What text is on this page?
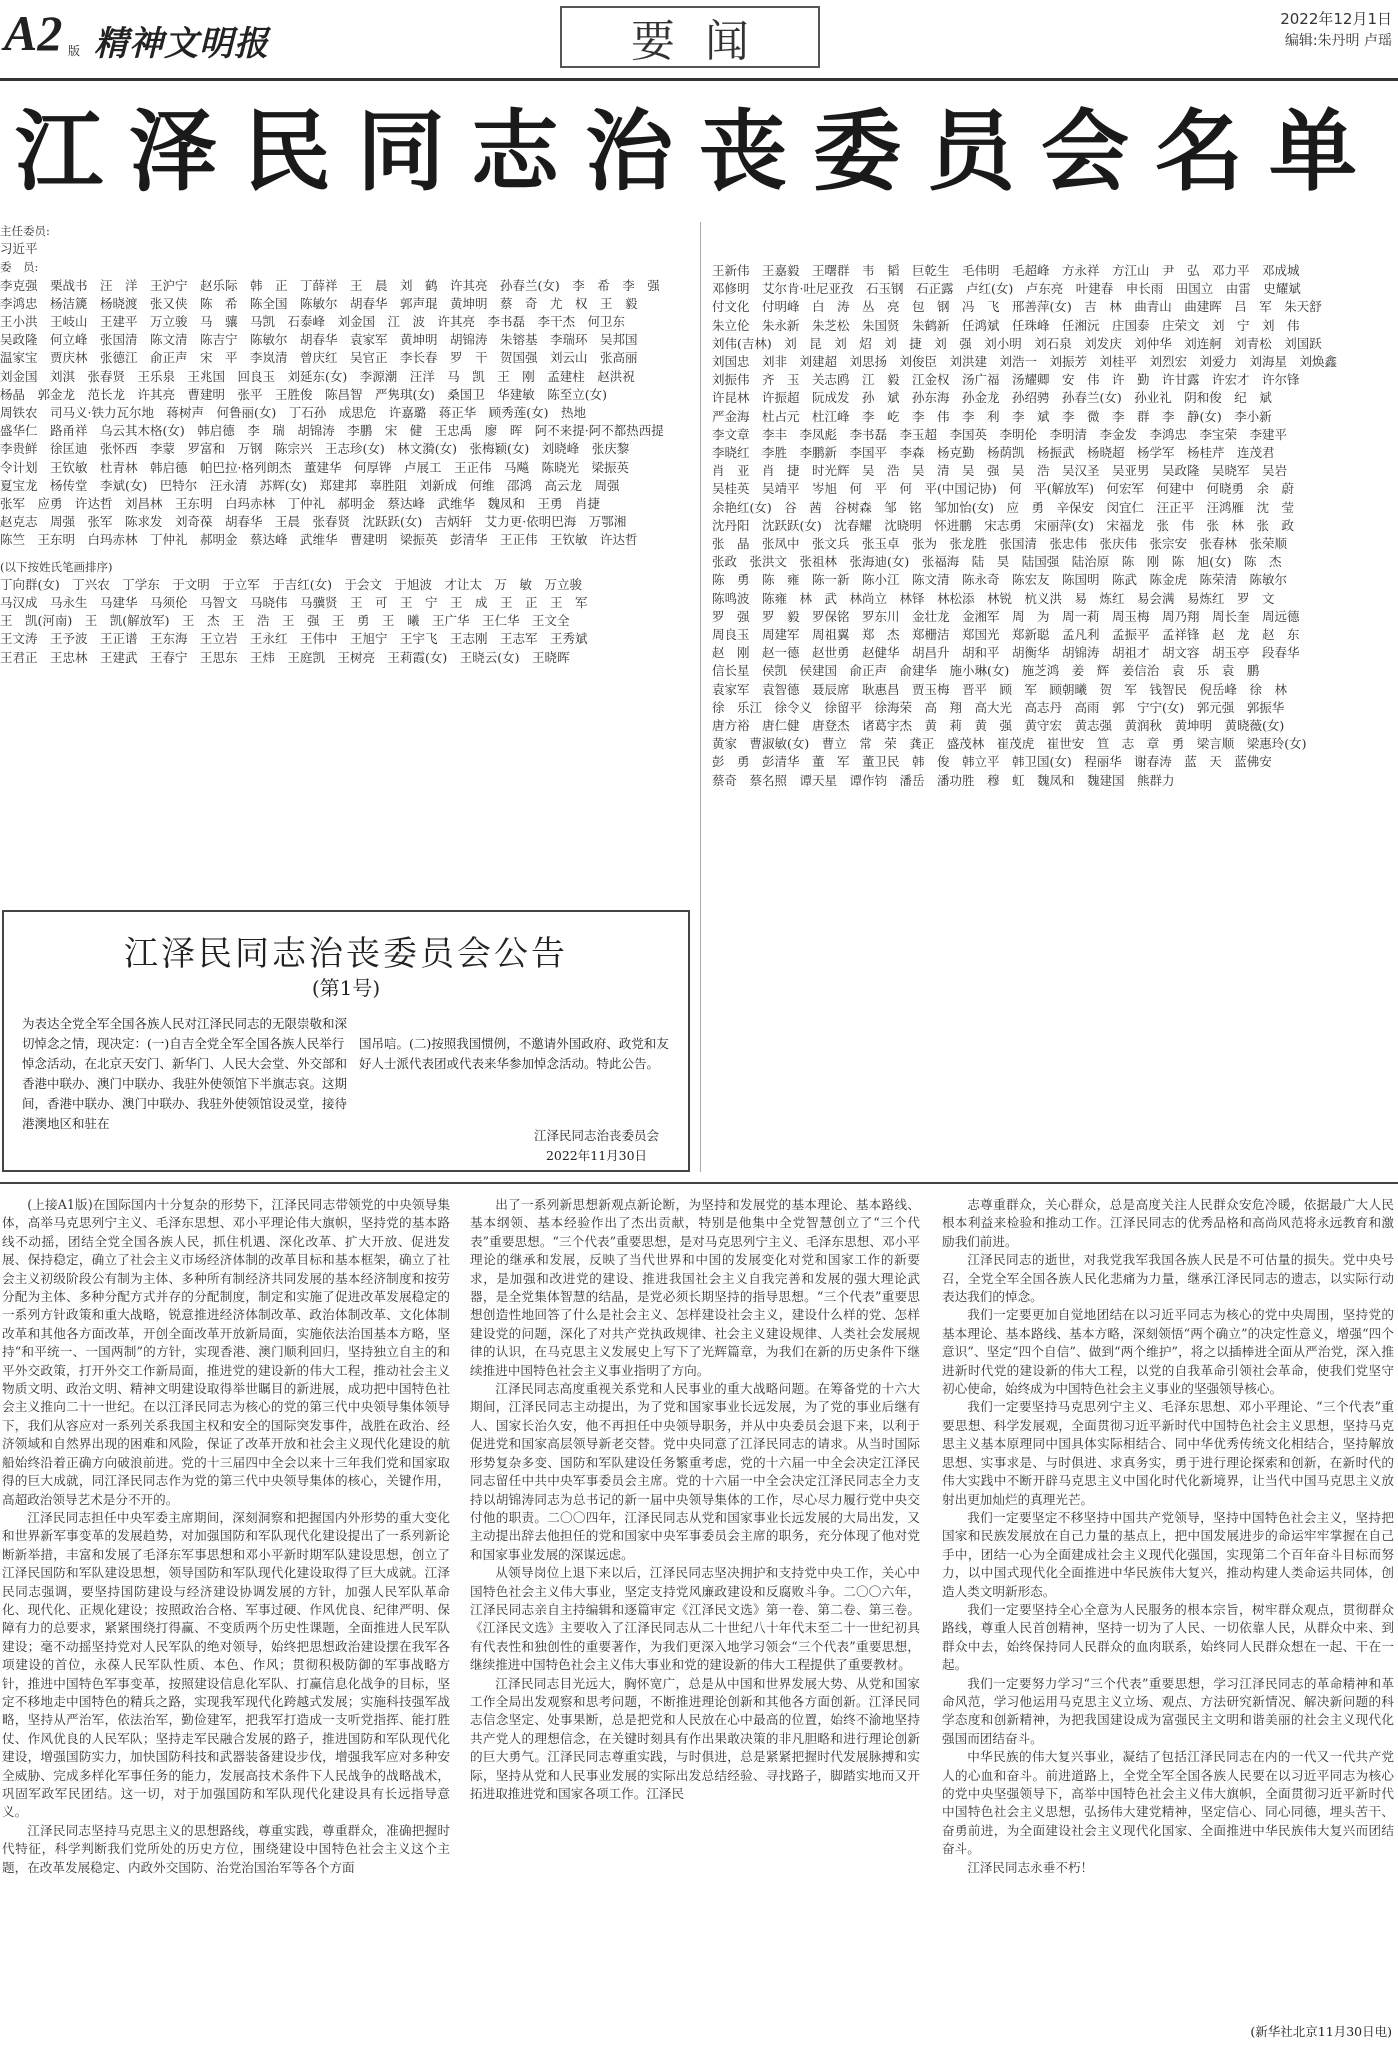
A2 版 精神文明报	要闻	2022年12月1日
编辑:朱丹明 卢瑶
江泽民同志治丧委员会名单
主任委员:
习近平
委　员:
李克强　栗战书　汪　洋　王沪宁　赵乐际　韩　正　丁薛祥　王　晨　刘　鹤　许其亮　孙春兰(女)　李　希　李　强
李鸿忠　杨洁篪　杨晓渡　张又侠　陈　希　陈全国　陈敏尔　胡春华　郭声琨　黄坤明　蔡　奇　尤　权　王　毅
王小洪　王岐山　王建平　万立骏　马　骧　马凯　石泰峰　刘金国　江　波　许其亮　李书磊　李干杰　何卫东
吴政隆　何立峰　张国清　陈文清　陈吉宁　陈敏尔　胡春华　袁家军　黄坤明　胡锦涛　朱镕基　李瑞环　吴邦国
温家宝　贾庆林　张德江　俞正声　宋　平　李岚清　曾庆红　吴官正　李长春　罗　干　贺国强　刘云山　张高丽
刘金国　刘淇　张春贤　王乐泉　王兆国　回良玉　刘延东(女)　李源潮　汪洋　马　凯　王　刚　孟建柱　赵洪祝
杨晶　郭金龙　范长龙　许其亮　曹建明　张平　王胜俊　陈昌智　严隽琪(女)　桑国卫　华建敏　陈至立(女)
周铁农　司马义·铁力瓦尔地　蒋树声　何鲁丽(女)　丁石孙　成思危　许嘉璐　蒋正华　顾秀莲(女)　热地
盛华仁　路甬祥　乌云其木格(女)　韩启德　李　瑞　胡锦涛　李鹏　宋　健　王忠禹　廖　晖　阿不来提·阿不都热西提
李贵鲜　徐匡迪　张怀西　李蒙　罗富和　万钢　陈宗兴　王志珍(女)　林文漪(女)　张梅颖(女)　刘晓峰　张庆黎
令计划　王钦敏　杜青林　韩启德　帕巴拉·格列朗杰　董建华　何厚铧　卢展工　王正伟　马飚　陈晓光　梁振英
夏宝龙　杨传堂　李斌(女)　巴特尔　汪永清　苏辉(女)　郑建邦　辜胜阻　刘新成　何维　邵鸿　高云龙　周强
张军　应勇　许达哲　刘昌林　王东明　白玛赤林　丁仲礼　郝明金　蔡达峰　武维华　魏凤和　王勇　肖捷
赵克志　周强　张军　陈求发　刘奇葆　胡春华　王晨　张春贤　沈跃跃(女)　吉炳轩　艾力更·依明巴海　万鄂湘
陈竺　王东明　白玛赤林　丁仲礼　郝明金　蔡达峰　武维华　曹建明　梁振英　彭清华　王正伟　王钦敏　许达哲
(以下按姓氏笔画排序)
丁向群(女)　丁兴农　丁学东　于文明　于立军　于吉红(女)　于会文　于旭波　才让太　万　敏　万立骏
马汉成　马永生　马建华　马须伦　马智文　马晓伟　马骥贤　王　可　王　宁　王　成　王　正　王　军
王　凯(河南)　王　凯(解放军)　王　杰　王　浩　王　强　王　勇　王　曦　王广华　王仁华　王文全
王文涛　王予波　王正谱　王东海　王立岩　王永红　王伟中　王旭宁　王宇飞　王志刚　王志军　王秀斌
王君正　王忠林　王建武　王春宁　王思东　王炜　王庭凯　王树亮　王莉霞(女)　王晓云(女)　王晓晖
王新伟　王嘉毅　王曙群　韦　韬　巨乾生　毛伟明　毛超峰　方永祥　方江山　尹　弘　邓力平　邓成城
邓修明　艾尔肯·吐尼亚孜　石玉钢　石正露　卢红(女)　卢东亮　叶建春　申长雨　田国立　由雷　史耀斌
付文化　付明峰　白　涛　丛　亮　包　钢　冯　飞　邢善萍(女)　吉　林　曲青山　曲建晖　吕　军　朱天舒
朱立伦　朱永新　朱芝松　朱国贤　朱鹤新　任鸿斌　任珠峰　任湘沅　庄国泰　庄荣文　刘　宁　刘　伟
刘伟(吉林)　刘　昆　刘　炤　刘　捷　刘　强　刘小明　刘石泉　刘发庆　刘仲华　刘连舸　刘青松　刘国跃
刘国忠　刘非　刘建超　刘思扬　刘俊臣　刘洪建　刘浩一　刘振芳　刘桂平　刘烈宏　刘爱力　刘海星　刘焕鑫
刘振伟　齐　玉　关志鸥　江　毅　江金权　汤广福　汤耀卿　安　伟　许　勤　许甘露　许宏才　许尔锋
许昆林　许振超　阮成发　孙　斌　孙东海　孙金龙　孙绍骋　孙春兰(女)　孙业礼　阴和俊　纪　斌
严金海　杜占元　杜江峰　李　屹　李　伟　李　利　李　斌　李　微　李　群　李　静(女)　李小新
李文章　李丰　李凤彪　李书磊　李玉超　李国英　李明伦　李明清　李金发　李鸿忠　李宝荣　李建平
李晓红　李胜　李鹏新　李国平　李森　杨克勤　杨荫凯　杨振武　杨晓超　杨学军　杨桂芹　连茂君
肖　亚　肖　捷　时光辉　吴　浩　吴　清　吴　强　吴　浩　吴汉圣　吴亚男　吴政隆　吴晓军　吴岩
吴桂英　吴靖平　岑旭　何　平　何　平(中国记协)　何　平(解放军)　何宏军　何建中　何晓勇　余　蔚
余艳红(女)　谷　茜　谷树森　邹　铭　邹加怡(女)　应　勇　辛保安　闵宜仁　汪正平　汪鸿雁　沈　莹
沈丹阳　沈跃跃(女)　沈春耀　沈晓明　怀进鹏　宋志勇　宋丽萍(女)　宋福龙　张　伟　张　林　张　政
张　晶　张凤中　张文兵　张玉卓　张为　张龙胜　张国清　张忠伟　张庆伟　张宗安　张春林　张荣顺
张政　张洪文　张祖林　张海迪(女)　张福海　陆　昊　陆国强　陆治原　陈　刚　陈　旭(女)　陈　杰
陈　勇　陈　雍　陈一新　陈小江　陈文清　陈永奇　陈宏友　陈国明　陈武　陈金虎　陈荣清　陈敏尔
陈鸣波　陈雍　林　武　林尚立　林铎　林松添　林锐　杭义洪　易　炼红　易会满　易炼红　罗　文
罗　强　罗　毅　罗保铭　罗东川　金壮龙　金湘军　周　为　周一莉　周玉梅　周乃翔　周长奎　周远德
周良玉　周建军　周祖翼　郑　杰　郑栅洁　郑国光　郑新聪　孟凡利　孟振平　孟祥锋　赵　龙　赵　东
赵　刚　赵一德　赵世勇　赵健华　胡昌升　胡和平　胡衡华　胡锦涛　胡祖才　胡文容　胡玉亭　段春华
信长星　侯凯　侯建国　俞正声　俞建华　施小琳(女)　施芝鸿　姜　辉　姜信治　袁　乐　袁　鹏
袁家军　袁智德　聂辰席　耿惠昌　贾玉梅　晋平　顾　军　顾朝曦　贺　军　钱智民　倪岳峰　徐　林
徐　乐江　徐令义　徐留平　徐海荣　高　翔　高大光　高志丹　高雨　郭　宁宁(女)　郭元强　郭振华
唐方裕　唐仁健　唐登杰　诸葛宇杰　黄　莉　黄　强　黄守宏　黄志强　黄润秋　黄坤明　黄晓薇(女)
黄家　曹淑敏(女)　曹立　常　荣　龚正　盛茂林　崔茂虎　崔世安　笪　志　章　勇　梁言顺　梁惠玲(女)
彭　勇　彭清华　董　军　董卫民　韩　俊　韩立平　韩卫国(女)　程丽华　谢春涛　蓝　天　蓝佛安
蔡奇　蔡名照　谭天星　谭作钧　潘岳　潘功胜　穆　虹　魏凤和　魏建国　熊群力
江泽民同志治丧委员会公告
(第1号)
为表达全党全军全国各族人民对江泽民同志的无限崇敬和深切悼念之情，现决定：(一)自吉全党全军全国各族人民举行悼念活动，在北京天安门、新华门、人民大会堂、外交部和香港中联办、澳门中联办、我驻外使领馆下半旗志哀。这期间，香港中联办、澳门中联办、我驻外使领馆设灵堂，接待港澳地区和驻在
国吊唁。(二)按照我国惯例，不邀请外国政府、政党和友好人士派代表团或代表来华参加悼念活动。特此公告。
江泽民同志治丧委员会
2022年11月30日

(上接A1版)在国际国内十分复杂的形势下，江泽民同志带领党的中央领导集体，高举马克思列宁主义、毛泽东思想、邓小平理论伟大旗帜，坚持党的基本路线不动摇，团结全党全国各族人民，抓住机遇、深化改革、扩大开放、促进发展、保持稳定，确立了社会主义市场经济体制的改革目标和基本框架，确立了社会主义初级阶段公有制为主体、多种所有制经济共同发展的基本经济制度和按劳分配为主体、多种分配方式并存的分配制度，制定和实施了促进改革发展稳定的一系列方针政策和重大战略，锐意推进经济体制改革、政治体制改革、文化体制改革和其他各方面改革，开创全面改革开放新局面，实施依法治国基本方略，坚持“和平统一、一国两制”的方针，实现香港、澳门顺利回归，坚持独立自主的和平外交政策，打开外交工作新局面，推进党的建设新的伟大工程，推动社会主义物质文明、政治文明、精神文明建设取得举世瞩目的新进展，成功把中国特色社会主义推向二十一世纪。在以江泽民同志为核心的党的第三代中央领导集体领导下，我们从容应对一系列关系我国主权和安全的国际突发事件，战胜在政治、经济领域和自然界出现的困难和风险，保证了改革开放和社会主义现代化建设的航船始终沿着正确方向破浪前进。党的十三届四中全会以来十三年我们党和国家取得的巨大成就，同江泽民同志作为党的第三代中央领导集体的核心，关键作用，高超政治领导艺术是分不开的。

江泽民同志担任中央军委主席期间，深刻洞察和把握国内外形势的重大变化和世界新军事变革的发展趋势，对加强国防和军队现代化建设提出了一系列新论断新举措，丰富和发展了毛泽东军事思想和邓小平新时期军队建设思想，创立了江泽民国防和军队建设思想，领导国防和军队现代化建设取得了巨大成就。江泽民同志强调，要坚持国防建设与经济建设协调发展的方针，加强人民军队革命化、现代化、正规化建设；按照政治合格、军事过硬、作风优良、纪律严明、保障有力的总要求，紧紧围绕打得赢、不变质两个历史性课题，全面推进人民军队建设；毫不动摇坚持党对人民军队的绝对领导，始终把思想政治建设摆在我军各项建设的首位，永葆人民军队性质、本色、作风；贯彻积极防御的军事战略方针，推进中国特色军事变革，按照建设信息化军队、打赢信息化战争的目标，坚定不移地走中国特色的精兵之路，实现我军现代化跨越式发展；实施科技强军战略，坚持从严治军，依法治军，勤俭建军，把我军打造成一支听党指挥、能打胜仗、作风优良的人民军队；坚持走军民融合发展的路子，推进国防和军队现代化建设，增强国防实力，加快国防科技和武器装备建设步伐，增强我军应对多种安全威胁、完成多样化军事任务的能力，发展高技术条件下人民战争的战略战术，巩固军政军民团结。这一切，对于加强国防和军队现代化建设具有长远指导意义。

江泽民同志坚持马克思主义的思想路线，尊重实践，尊重群众，准确把握时代特征，科学判断我们党所处的历史方位，围绕建设中国特色社会主义这个主题，在改革发展稳定、内政外交国防、治党治国治军等各个方面

出了一系列新思想新观点新论断，为坚持和发展党的基本理论、基本路线、基本纲领、基本经验作出了杰出贡献，特别是他集中全党智慧创立了“三个代表”重要思想。“三个代表”重要思想，是对马克思列宁主义、毛泽东思想、邓小平理论的继承和发展，反映了当代世界和中国的发展变化对党和国家工作的新要求，是加强和改进党的建设、推进我国社会主义自我完善和发展的强大理论武器，是全党集体智慧的结晶，是党必须长期坚持的指导思想。“三个代表”重要思想创造性地回答了什么是社会主义、怎样建设社会主义，建设什么样的党、怎样建设党的问题，深化了对共产党执政规律、社会主义建设规律、人类社会发展规律的认识，在马克思主义发展史上写下了光辉篇章，为我们在新的历史条件下继续推进中国特色社会主义事业指明了方向。

江泽民同志高度重视关系党和人民事业的重大战略问题。在筹备党的十六大期间，江泽民同志主动提出，为了党和国家事业长远发展，为了党的事业后继有人、国家长治久安，他不再担任中央领导职务，并从中央委员会退下来，以利于促进党和国家高层领导新老交替。党中央同意了江泽民同志的请求。从当时国际形势复杂多变、国防和军队建设任务繁重考虑，党的十六届一中全会决定江泽民同志留任中共中央军事委员会主席。党的十六届一中全会决定江泽民同志全力支持以胡锦涛同志为总书记的新一届中央领导集体的工作，尽心尽力履行党中央交付他的职责。二〇〇四年，江泽民同志从党和国家事业长远发展的大局出发，又主动提出辞去他担任的党和国家中央军事委员会主席的职务，充分体现了他对党和国家事业发展的深谋远虑。

从领导岗位上退下来以后，江泽民同志坚决拥护和支持党中央工作，关心中国特色社会主义伟大事业，坚定支持党风廉政建设和反腐败斗争。二〇〇六年，江泽民同志亲自主持编辑和逐篇审定《江泽民文选》第一卷、第二卷、第三卷。《江泽民文选》主要收入了江泽民同志从二十世纪八十年代末至二十一世纪初具有代表性和独创性的重要著作，为我们更深入地学习领会“三个代表”重要思想，继续推进中国特色社会主义伟大事业和党的建设新的伟大工程提供了重要教材。

江泽民同志目光远大，胸怀宽广，总是从中国和世界发展大势、从党和国家工作全局出发观察和思考问题，不断推进理论创新和其他各方面创新。江泽民同志信念坚定、处事果断，总是把党和人民放在心中最高的位置，始终不渝地坚持共产党人的理想信念，在关键时刻具有作出果敢决策的非凡胆略和进行理论创新的巨大勇气。江泽民同志尊重实践，与时俱进，总是紧紧把握时代发展脉搏和实际，坚持从党和人民事业发展的实际出发总结经验、寻找路子，脚踏实地而又开拓进取推进党和国家各项工作。江泽民

志尊重群众，关心群众，总是高度关注人民群众安危冷暖，依据最广大人民根本利益来检验和推动工作。江泽民同志的优秀品格和高尚风范将永远教育和激励我们前进。

江泽民同志的逝世，对我党我军我国各族人民是不可估量的损失。党中央号召，全党全军全国各族人民化悲痛为力量，继承江泽民同志的遗志，以实际行动表达我们的悼念。

我们一定要更加自觉地团结在以习近平同志为核心的党中央周围，坚持党的基本理论、基本路线、基本方略，深刻领悟“两个确立”的决定性意义，增强“四个意识”、坚定“四个自信”、做到“两个维护”，将之以插棒进全面从严治党，深入推进新时代党的建设新的伟大工程，以党的自我革命引领社会革命，使我们党坚守初心使命，始终成为中国特色社会主义事业的坚强领导核心。

我们一定要坚持马克思列宁主义、毛泽东思想、邓小平理论、“三个代表”重要思想、科学发展观，全面贯彻习近平新时代中国特色社会主义思想，坚持马克思主义基本原理同中国具体实际相结合、同中华优秀传统文化相结合，坚持解放思想、实事求是、与时俱进、求真务实，勇于进行理论探索和创新，在新时代的伟大实践中不断开辟马克思主义中国化时代化新境界，让当代中国马克思主义放射出更加灿烂的真理光芒。

我们一定要坚定不移坚持中国共产党领导，坚持中国特色社会主义，坚持把国家和民族发展放在自己力量的基点上，把中国发展进步的命运牢牢掌握在自己手中，团结一心为全面建成社会主义现代化强国，实现第二个百年奋斗目标而努力，以中国式现代化全面推进中华民族伟大复兴，推动构建人类命运共同体，创造人类文明新形态。

我们一定要坚持全心全意为人民服务的根本宗旨，树牢群众观点，贯彻群众路线，尊重人民首创精神，坚持一切为了人民、一切依靠人民，从群众中来、到群众中去，始终保持同人民群众的血肉联系，始终同人民群众想在一起、干在一起。

我们一定要努力学习“三个代表”重要思想，学习江泽民同志的革命精神和革命风范，学习他运用马克思主义立场、观点、方法研究新情况、解决新问题的科学态度和创新精神，为把我国建设成为富强民主文明和谐美丽的社会主义现代化强国而团结奋斗。

中华民族的伟大复兴事业，凝结了包括江泽民同志在内的一代又一代共产党人的心血和奋斗。前进道路上，全党全军全国各族人民要在以习近平同志为核心的党中央坚强领导下，高举中国特色社会主义伟大旗帜，全面贯彻习近平新时代中国特色社会主义思想，弘扬伟大建党精神，坚定信心、同心同德，埋头苦干、奋勇前进，为全面建设社会主义现代化国家、全面推进中华民族伟大复兴而团结奋斗。

江泽民同志永垂不朽！

(新华社北京11月30日电)
